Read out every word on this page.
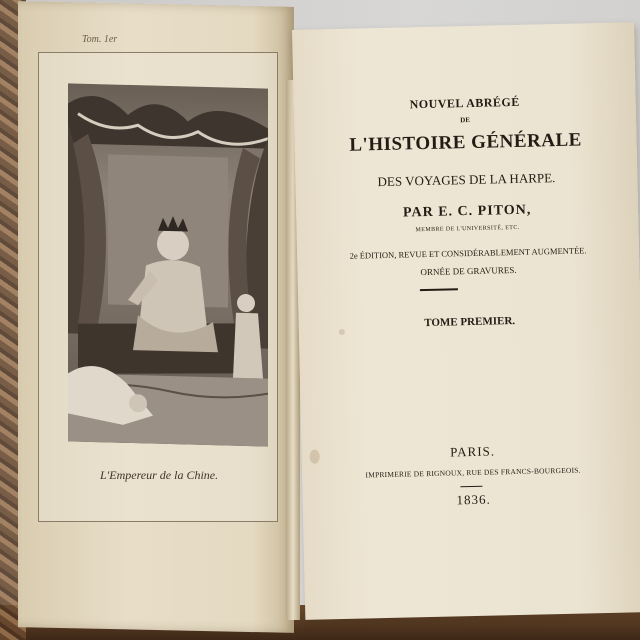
Tom. 1er
L'Empereur de la Chine.
NOUVEL ABRÉGÉ
DE
L'HISTOIRE GÉNÉRALE
DES VOYAGES DE LA HARPE.
PAR E. C. PITON,
MEMBRE DE L'UNIVERSITÉ, ETC.
2e ÉDITION, REVUE ET CONSIDÉRABLEMENT AUGMENTÉE.
ORNÉE DE GRAVURES.
TOME PREMIER.
PARIS.
IMPRIMERIE DE RIGNOUX, RUE DES FRANCS-BOURGEOIS.
1836.
